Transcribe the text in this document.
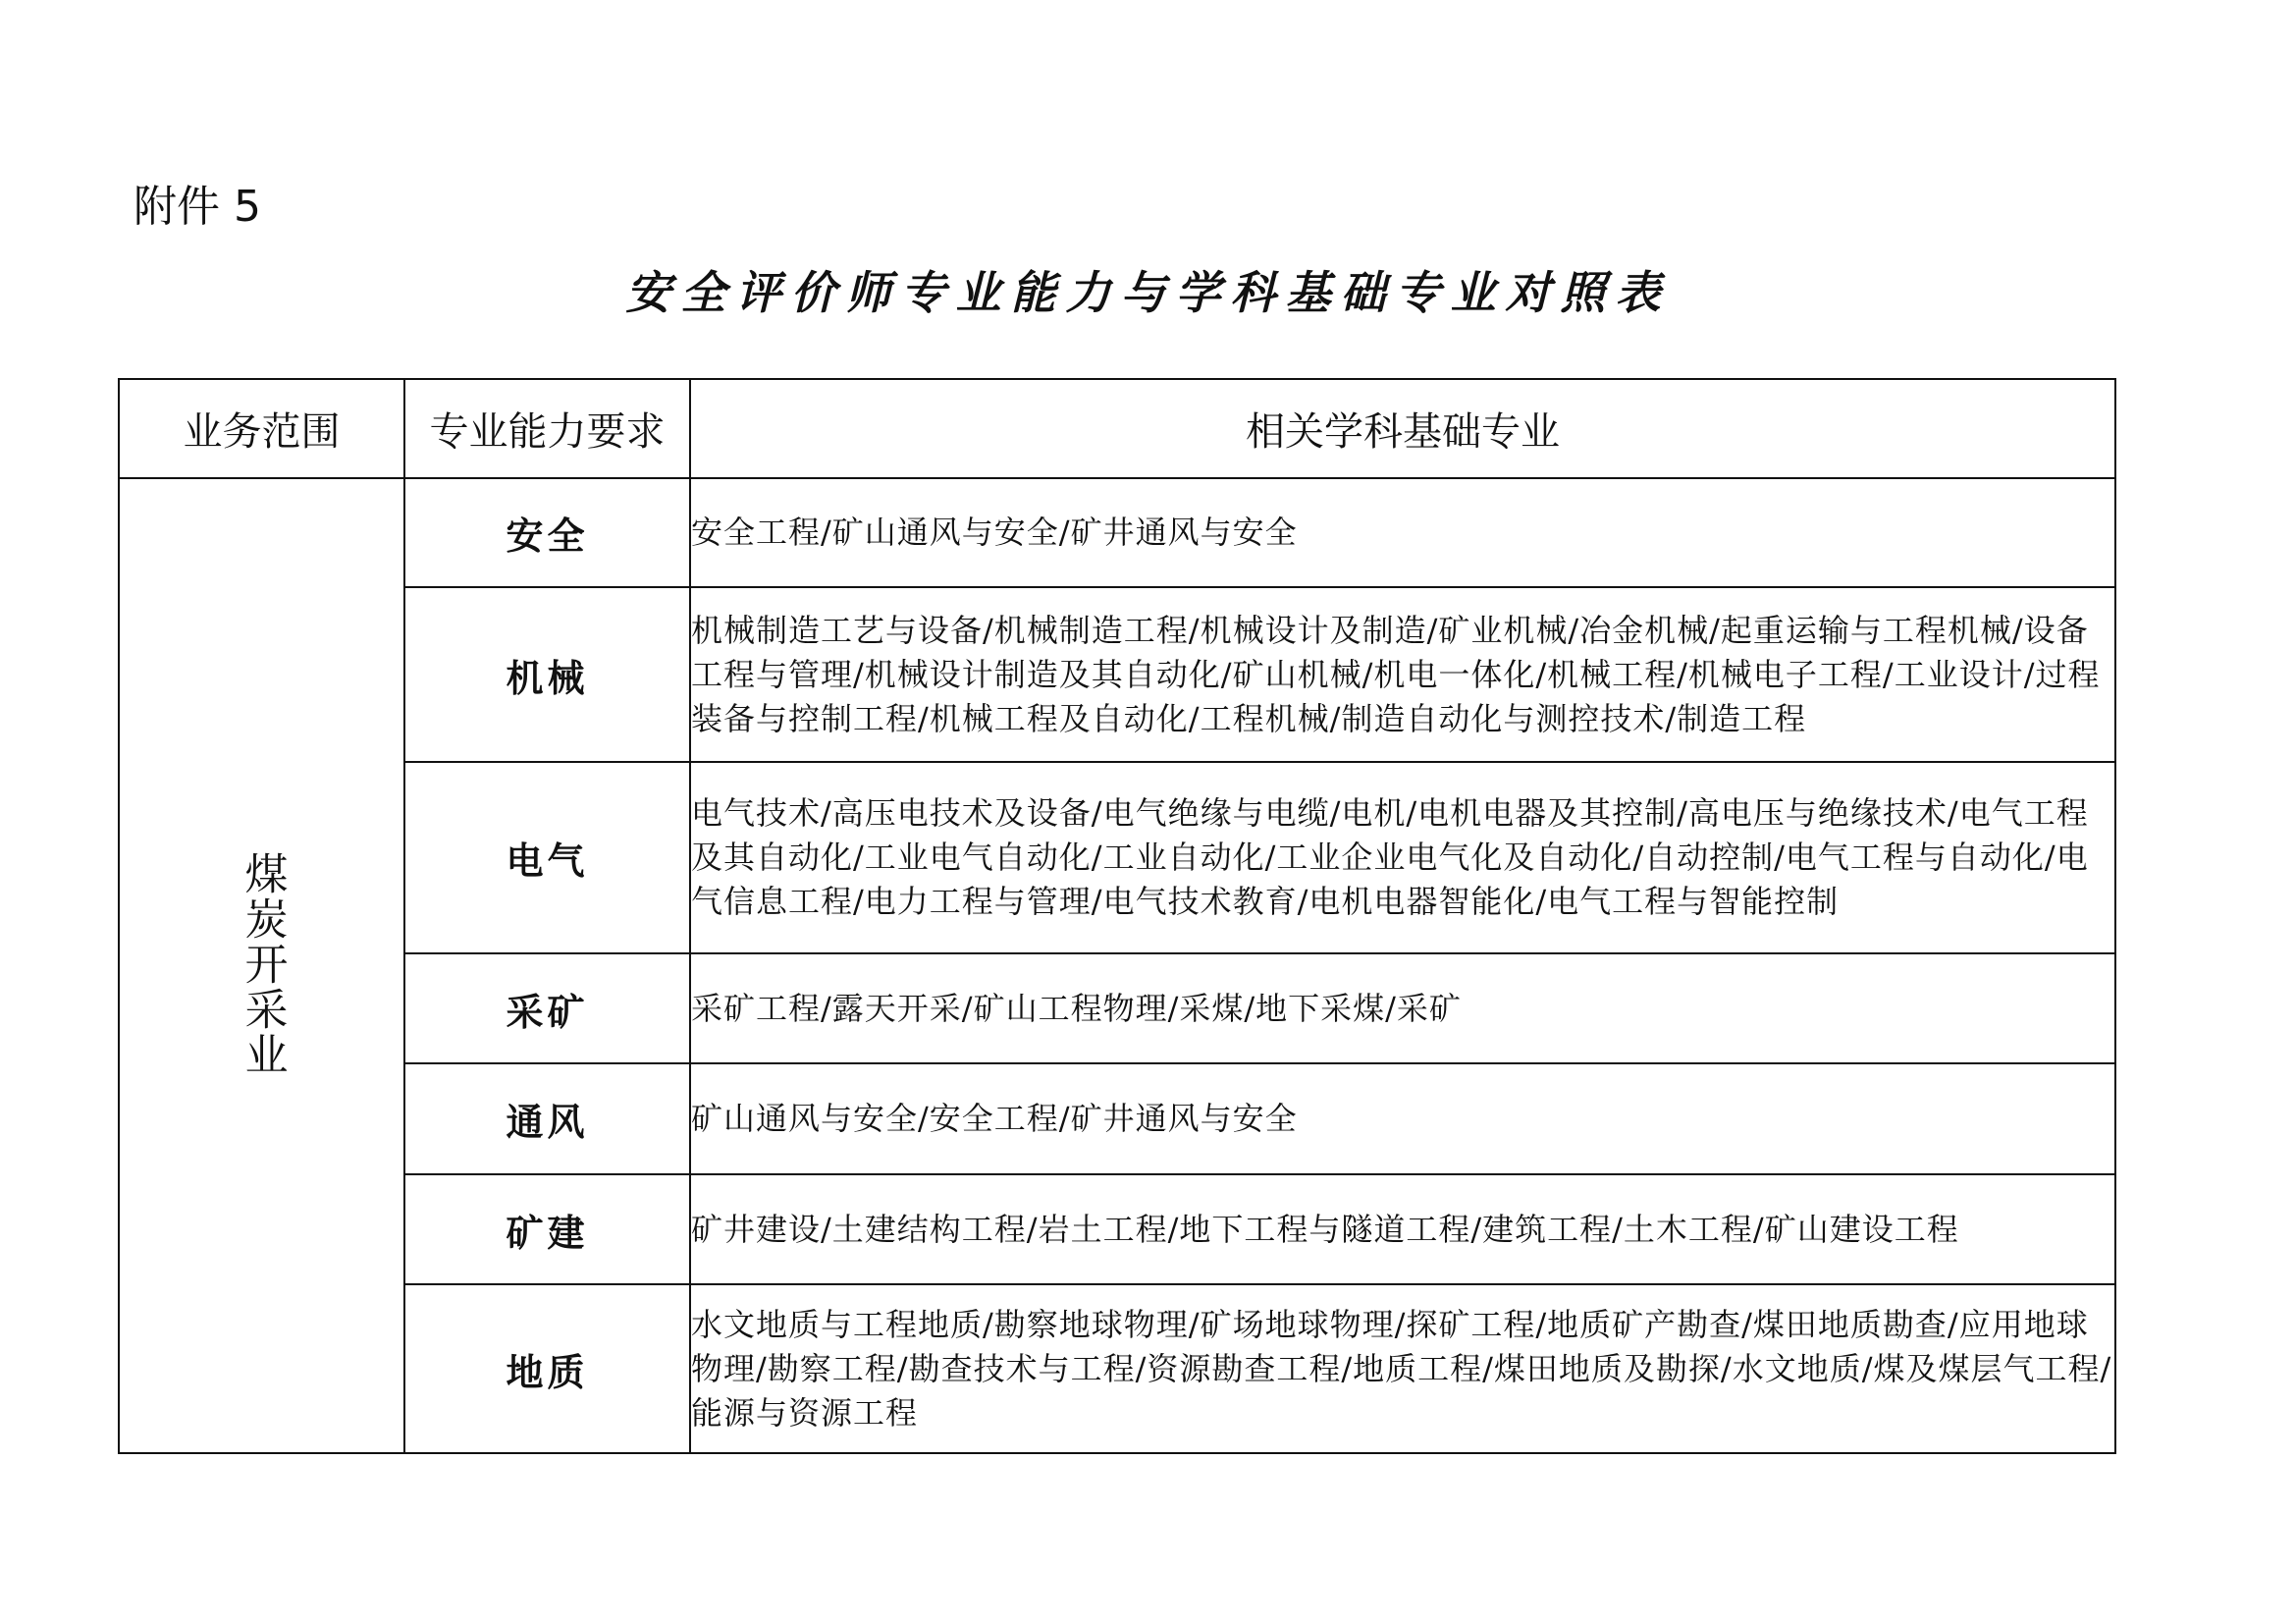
附件 5
安全评价师专业能力与学科基础专业对照表
业务范围	专业能力要求	相关学科基础专业
煤炭开采业	安全	安全工程/矿山通风与安全/矿井通风与安全
	机械	机械制造工艺与设备/机械制造工程/机械设计及制造/矿业机械/冶金机械/起重运输与工程机械/设备工程与管理/机械设计制造及其自动化/矿山机械/机电一体化/机械工程/机械电子工程/工业设计/过程装备与控制工程/机械工程及自动化/工程机械/制造自动化与测控技术/制造工程
	电气	电气技术/高压电技术及设备/电气绝缘与电缆/电机/电机电器及其控制/高电压与绝缘技术/电气工程及其自动化/工业电气自动化/工业自动化/工业企业电气化及自动化/自动控制/电气工程与自动化/电气信息工程/电力工程与管理/电气技术教育/电机电器智能化/电气工程与智能控制
	采矿	采矿工程/露天开采/矿山工程物理/采煤/地下采煤/采矿
	通风	矿山通风与安全/安全工程/矿井通风与安全
	矿建	矿井建设/土建结构工程/岩土工程/地下工程与隧道工程/建筑工程/土木工程/矿山建设工程
	地质	水文地质与工程地质/勘察地球物理/矿场地球物理/探矿工程/地质矿产勘查/煤田地质勘查/应用地球物理/勘察工程/勘查技术与工程/资源勘查工程/地质工程/煤田地质及勘探/水文地质/煤及煤层气工程/能源与资源工程
